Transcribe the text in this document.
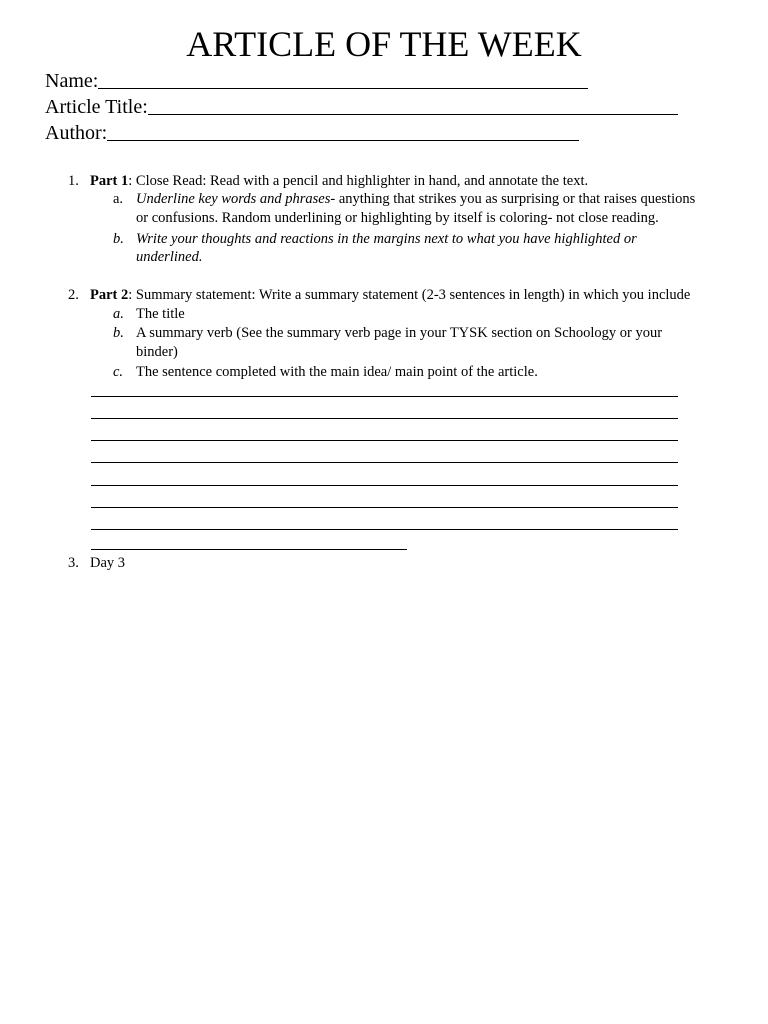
ARTICLE OF THE WEEK
Name:
Article Title:
Author:
1. Part 1: Close Read: Read with a pencil and highlighter in hand, and annotate the text.
a. Underline key words and phrases- anything that strikes you as surprising or that raises questions
or confusions. Random underlining or highlighting by itself is coloring- not close reading.
b. Write your thoughts and reactions in the margins next to what you have highlighted or
underlined.
2. Part 2: Summary statement: Write a summary statement (2-3 sentences in length) in which you include
a. The title
b. A summary verb (See the summary verb page in your TYSK section on Schoology or your
binder)
c. The sentence completed with the main idea/ main point of the article.
3. Day 3
